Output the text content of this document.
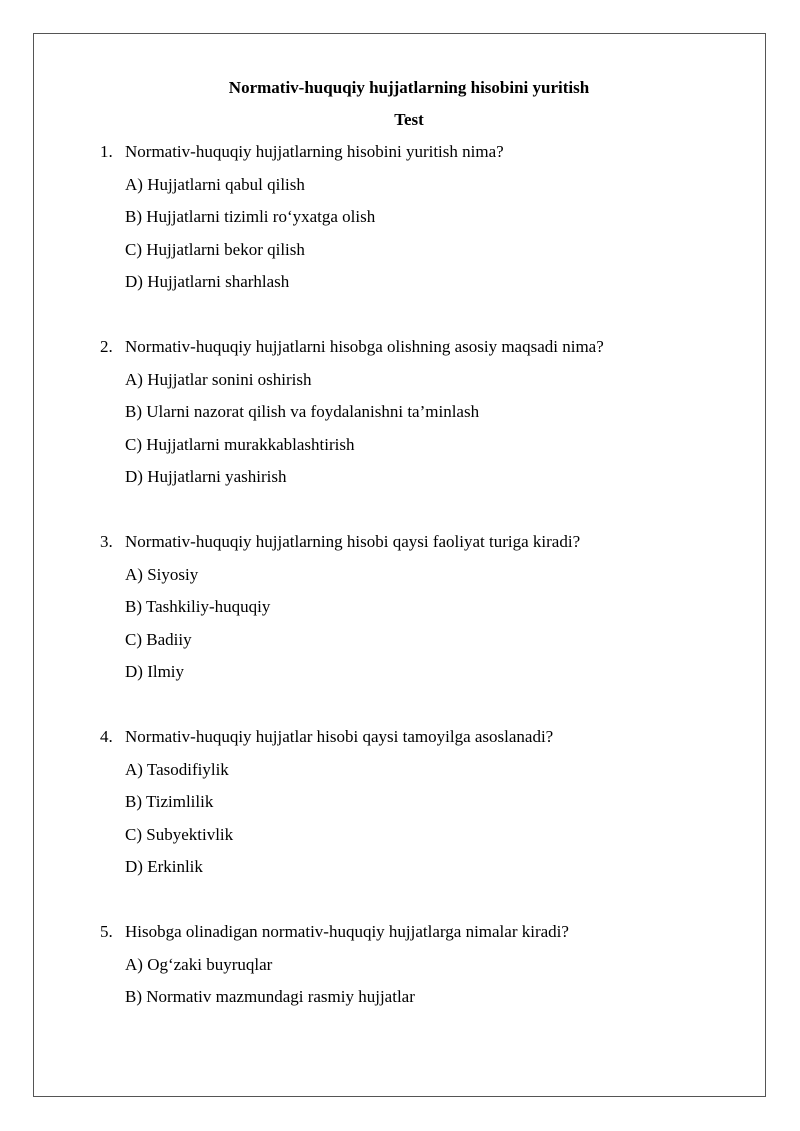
Normativ-huquqiy hujjatlarning hisobini yuritish
Test
1. Normativ-huquqiy hujjatlarning hisobini yuritish nima?
A) Hujjatlarni qabul qilish
B) Hujjatlarni tizimli ro‘yxatga olish
C) Hujjatlarni bekor qilish
D) Hujjatlarni sharhlash
2. Normativ-huquqiy hujjatlarni hisobga olishning asosiy maqsadi nima?
A) Hujjatlar sonini oshirish
B) Ularni nazorat qilish va foydalanishni ta’minlash
C) Hujjatlarni murakkablashtirish
D) Hujjatlarni yashirish
3. Normativ-huquqiy hujjatlarning hisobi qaysi faoliyat turiga kiradi?
A) Siyosiy
B) Tashkiliy-huquqiy
C) Badiiy
D) Ilmiy
4. Normativ-huquqiy hujjatlar hisobi qaysi tamoyilga asoslanadi?
A) Tasodifiylik
B) Tizimlilik
C) Subyektivlik
D) Erkinlik
5. Hisobga olinadigan normativ-huquqiy hujjatlarga nimalar kiradi?
A) Og‘zaki buyruqlar
B) Normativ mazmundagi rasmiy hujjatlar
